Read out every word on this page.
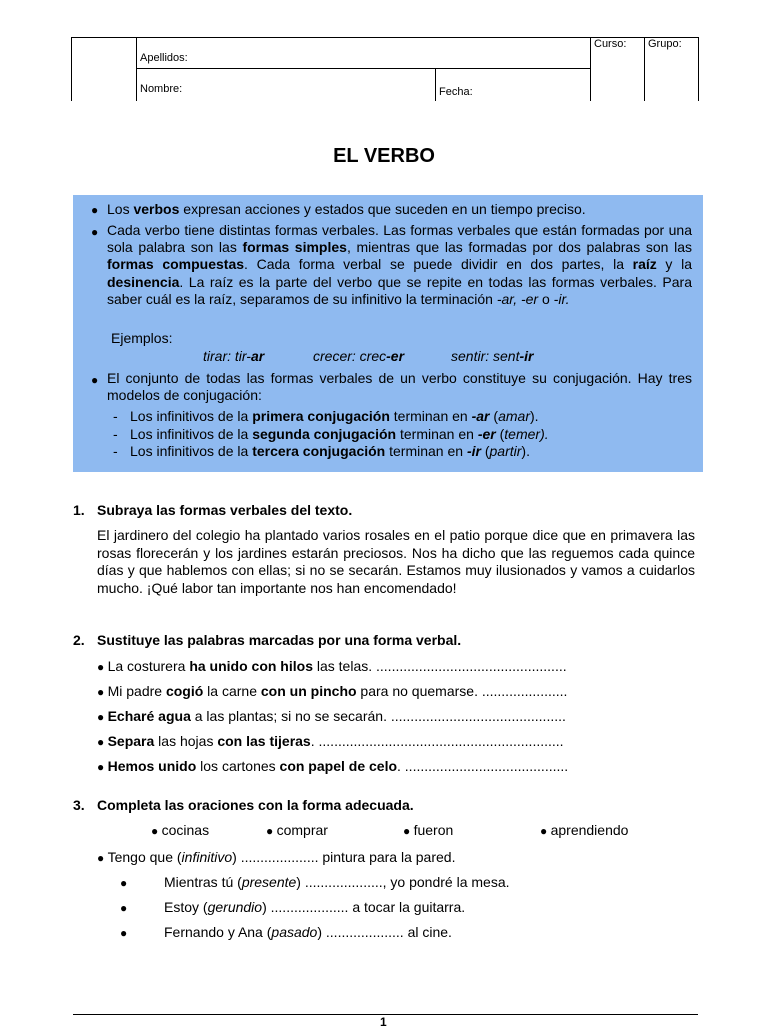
Apellidos:
Nombre:	Fecha:
Curso: Grupo:
EL VERBO
● Los verbos expresan acciones y estados que suceden en un tiempo preciso.
● Cada verbo tiene distintas formas verbales. Las formas verbales que están formadas por una sola palabra son las formas simples, mientras que las formadas por dos palabras son las formas compuestas. Cada forma verbal se puede dividir en dos partes, la raíz y la desinencia. La raíz es la parte del verbo que se repite en todas las formas verbales. Para saber cuál es la raíz, separamos de su infinitivo la terminación -ar, -er o -ir.
Ejemplos:
tirar: tir-ar	crecer: crec-er	sentir: sent-ir
● El conjunto de todas las formas verbales de un verbo constituye su conjugación. Hay tres modelos de conjugación:
- Los infinitivos de la primera conjugación terminan en -ar (amar).
- Los infinitivos de la segunda conjugación terminan en -er (temer).
- Los infinitivos de la tercera conjugación terminan en -ir (partir).
1. Subraya las formas verbales del texto.
El jardinero del colegio ha plantado varios rosales en el patio porque dice que en primavera las rosas florecerán y los jardines estarán preciosos. Nos ha dicho que las reguemos cada quince días y que hablemos con ellas; si no se secarán. Estamos muy ilusionados y vamos a cuidarlos mucho. ¡Qué labor tan importante nos han encomendado!
2. Sustituye las palabras marcadas por una forma verbal.
● La costurera ha unido con hilos las telas. .................................................
● Mi padre cogió la carne con un pincho para no quemarse. ......................
● Echaré agua a las plantas; si no se secarán. .............................................
● Separa las hojas con las tijeras. ...............................................................
● Hemos unido los cartones con papel de celo. ..........................................
3. Completa las oraciones con la forma adecuada.
● cocinas	● comprar	● fueron	● aprendiendo
● Tengo que (infinitivo) .................... pintura para la pared.
●	Mientras tú (presente) ...................., yo pondré la mesa.
●	Estoy (gerundio) .................... a tocar la guitarra.
●	Fernando y Ana (pasado) .................... al cine.
1
